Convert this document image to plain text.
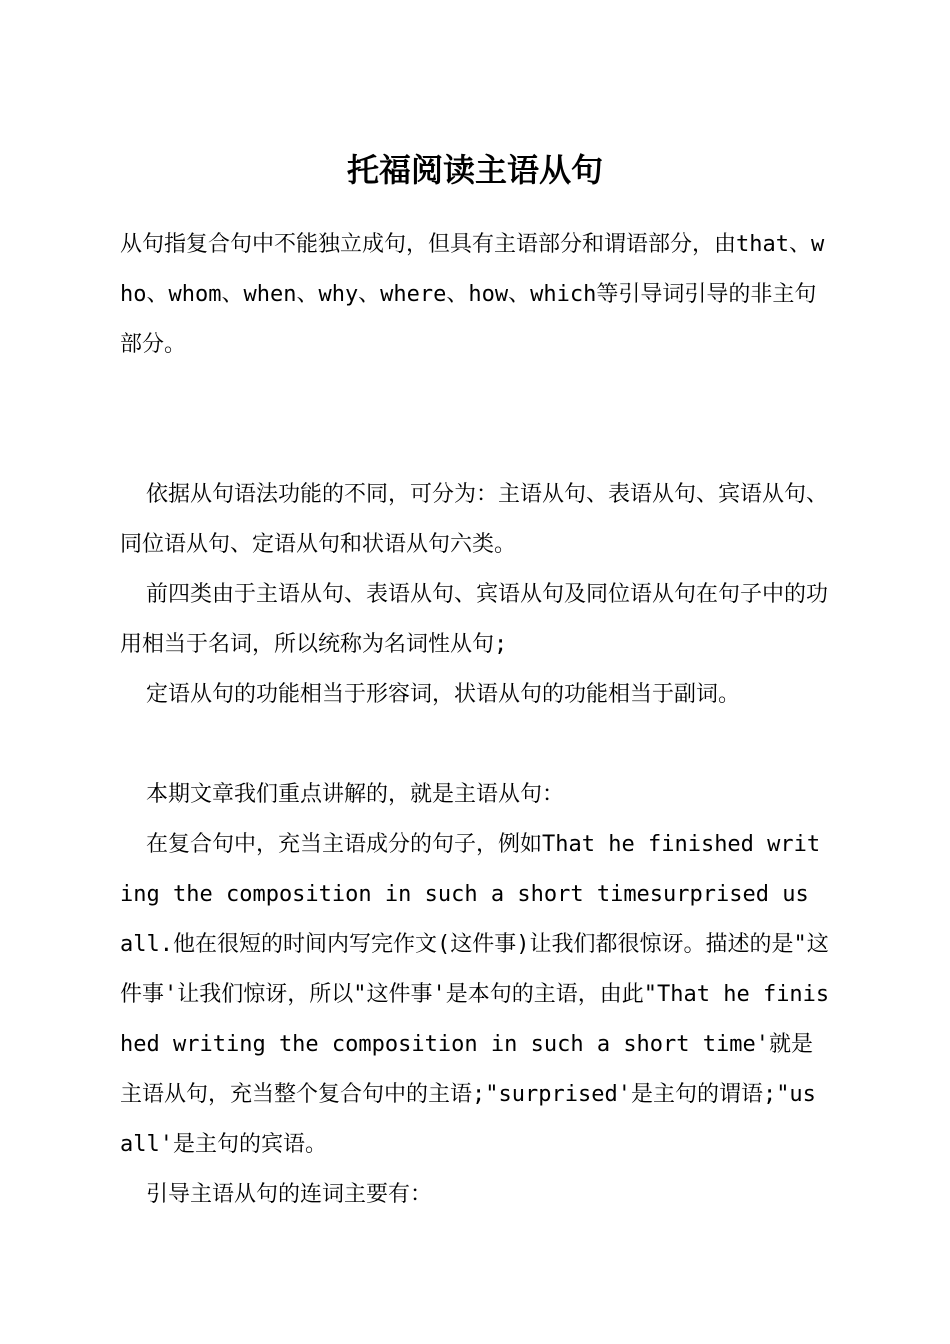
托福阅读主语从句

从句指复合句中不能独立成句，但具有主语部分和谓语部分，由that、who、whom、when、why、where、how、which等引导词引导的非主句部分。

依据从句语法功能的不同，可分为：主语从句、表语从句、宾语从句、同位语从句、定语从句和状语从句六类。

前四类由于主语从句、表语从句、宾语从句及同位语从句在句子中的功用相当于名词，所以统称为名词性从句;

定语从句的功能相当于形容词，状语从句的功能相当于副词。

本期文章我们重点讲解的，就是主语从句：

在复合句中，充当主语成分的句子，例如That he finished writing the composition in such a short timesurprised us all.他在很短的时间内写完作文(这件事)让我们都很惊讶。描述的是"这件事'让我们惊讶，所以"这件事'是本句的主语，由此"That he finished writing the composition in such a short time'就是主语从句，充当整个复合句中的主语;"surprised'是主句的谓语;"us all'是主句的宾语。

引导主语从句的连词主要有：
